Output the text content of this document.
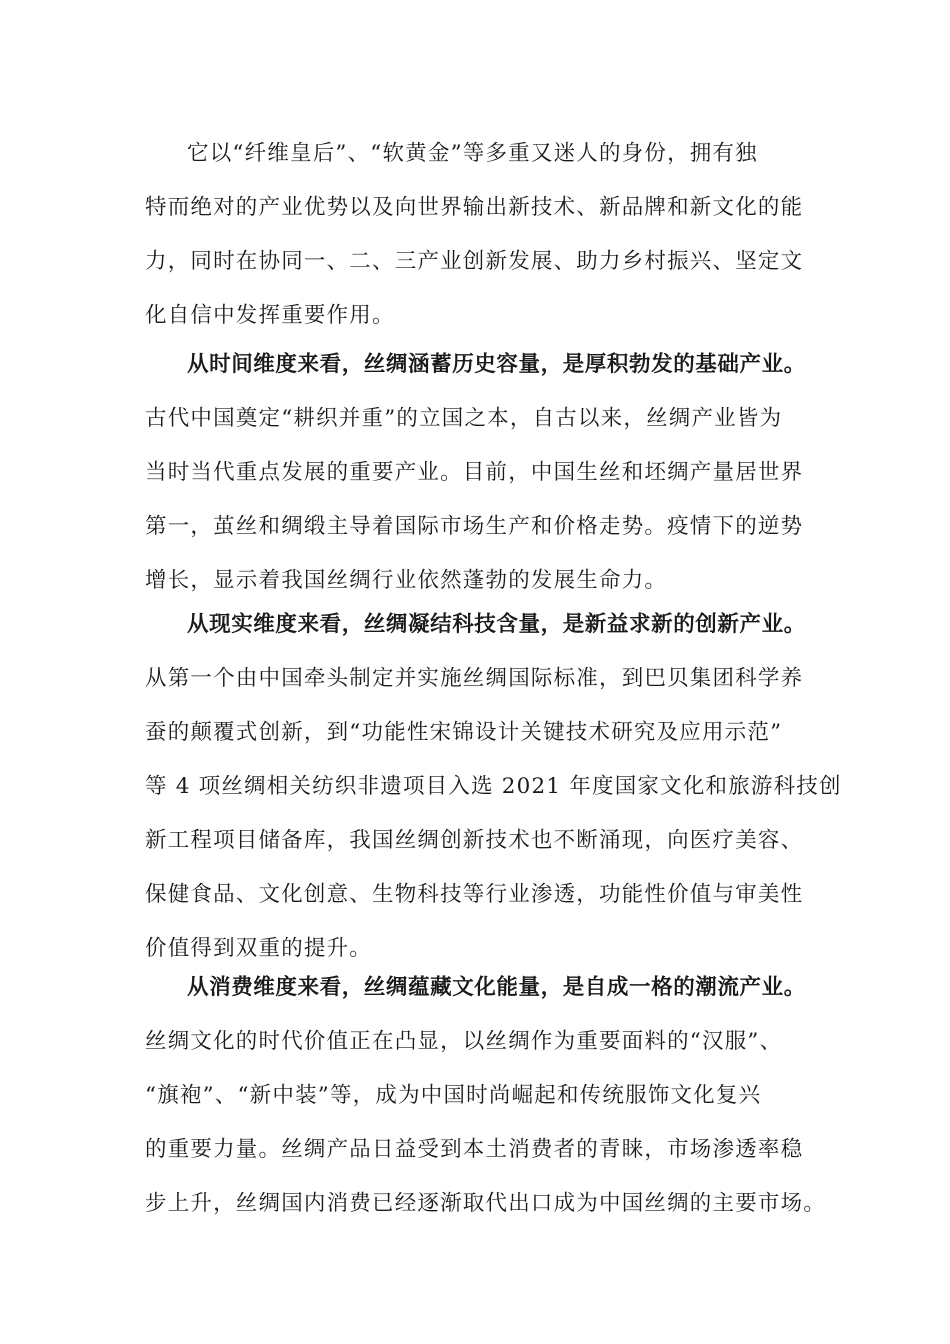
它以“纤维皇后”、“软黄金”等多重又迷人的身份，拥有独
特而绝对的产业优势以及向世界输出新技术、新品牌和新文化的能
力，同时在协同一、二、三产业创新发展、助力乡村振兴、坚定文
化自信中发挥重要作用。
从时间维度来看，丝绸涵蓄历史容量，是厚积勃发的基础产业。
古代中国奠定“耕织并重”的立国之本，自古以来，丝绸产业皆为
当时当代重点发展的重要产业。目前，中国生丝和坯绸产量居世界
第一，茧丝和绸缎主导着国际市场生产和价格走势。疫情下的逆势
增长，显示着我国丝绸行业依然蓬勃的发展生命力。
从现实维度来看，丝绸凝结科技含量，是新益求新的创新产业。
从第一个由中国牵头制定并实施丝绸国际标准，到巴贝集团科学养
蚕的颠覆式创新，到“功能性宋锦设计关键技术研究及应用示范”
等 4 项丝绸相关纺织非遗项目入选 2021 年度国家文化和旅游科技创
新工程项目储备库，我国丝绸创新技术也不断涌现，向医疗美容、
保健食品、文化创意、生物科技等行业渗透，功能性价值与审美性
价值得到双重的提升。
从消费维度来看，丝绸蕴藏文化能量，是自成一格的潮流产业。
丝绸文化的时代价值正在凸显，以丝绸作为重要面料的“汉服”、
“旗袍”、“新中装”等，成为中国时尚崛起和传统服饰文化复兴
的重要力量。丝绸产品日益受到本土消费者的青睐，市场渗透率稳
步上升，丝绸国内消费已经逐渐取代出口成为中国丝绸的主要市场。
